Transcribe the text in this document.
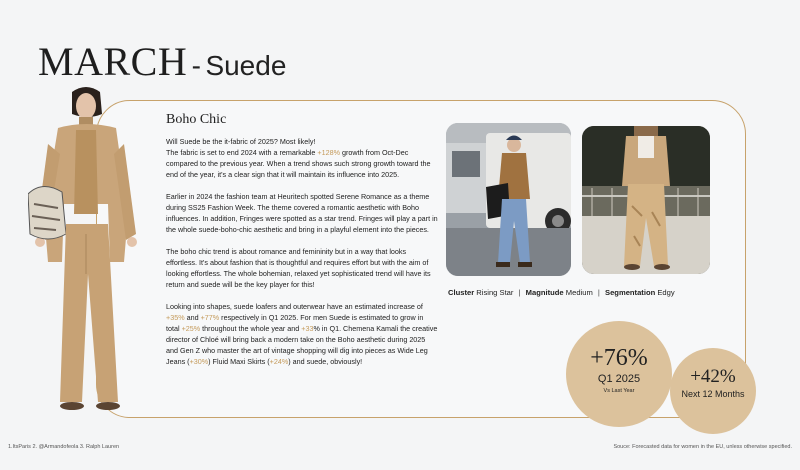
MARCH - Suede
Boho Chic

Will Suede be the it-fabric of 2025? Most likely!
The fabric is set to end 2024 with a remarkable +128% growth from Oct-Dec compared to the previous year. When a trend shows such strong growth toward the end of the year, it's a clear sign that it will maintain its influence into 2025.

Earlier in 2024 the fashion team at Heuritech spotted Serene Romance as a theme during SS25 Fashion Week. The theme covered a romantic aesthetic with Boho influences. In addition, Fringes were spotted as a star trend. Fringes will play a part in the whole suede-boho-chic aesthetic and bring in a playful element into the pieces.

The boho chic trend is about romance and femininity but in a way that looks effortless. It's about fashion that is thoughtful and requires effort but with the aim of looking effortless. The whole bohemian, relaxed yet sophisticated trend will have its return and suede will be the key player for this!

Looking into shapes, suede loafers and outerwear have an estimated increase of +35% and +77% respectively in Q1 2025. For men Suede is estimated to grow in total +25% throughout the whole year and +33% in Q1. Chemena Kamali the creative director of Chloé will bring back a modern take on the Boho aesthetic during 2025 and Gen Z who master the art of vintage shopping will dig into pieces as Wide Leg Jeans (+30%) Fluid Maxi Skirts (+24%) and suede, obviously!

Cluster Rising Star | Magnitude Medium | Segmentation Edgy
+76%
Q1 2025
Vs Last Year
+42%
Next 12 Months
1.ItsParis 2. @Armandofeola 3. Ralph Lauren	Souce: Forecasted data for women in the EU, unless otherwise specified.
